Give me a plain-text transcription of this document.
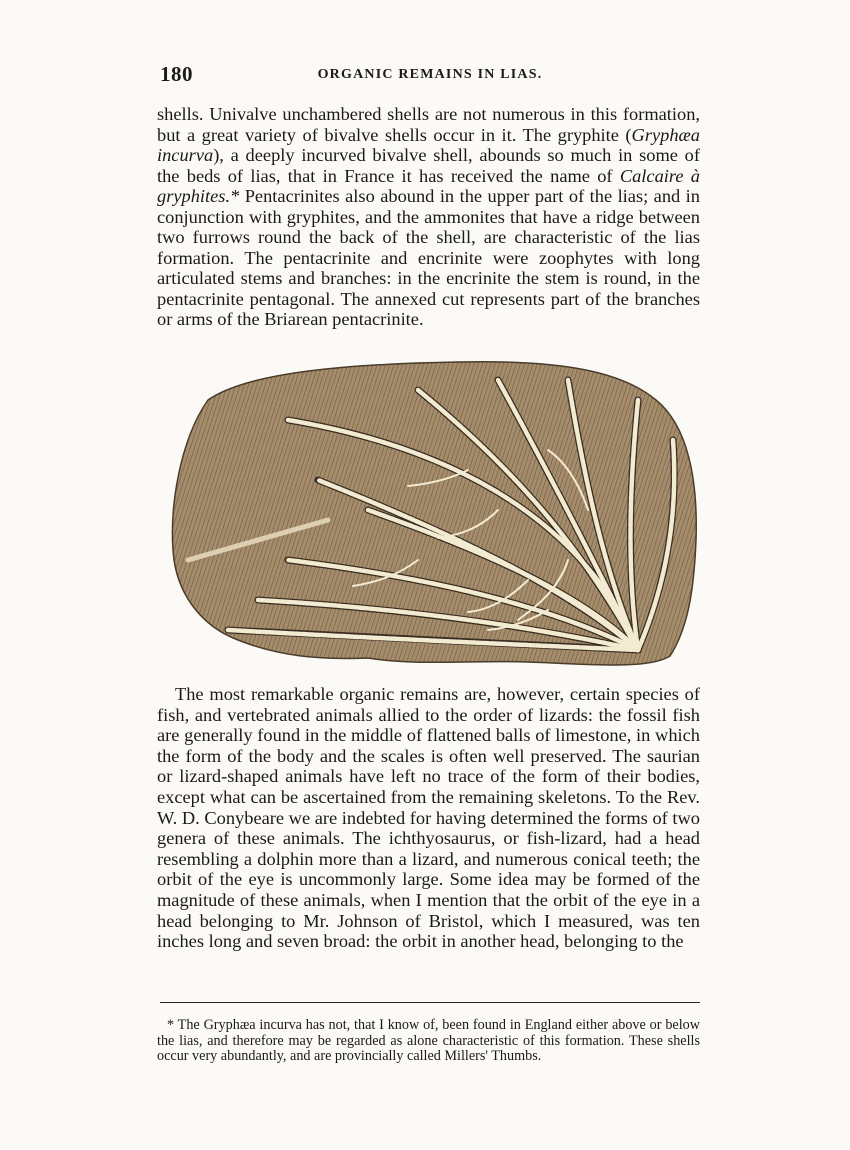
180	ORGANIC REMAINS IN LIAS.

shells. Univalve unchambered shells are not numerous in this formation, but a great variety of bivalve shells occur in it. The gryphite (Gryphæa incurva), a deeply incurved bivalve shell, abounds so much in some of the beds of lias, that in France it has received the name of Calcaire à gryphites.* Pentacrinites also abound in the upper part of the lias; and in conjunction with gryphites, and the ammonites that have a ridge between two furrows round the back of the shell, are characteristic of the lias formation. The pentacrinite and encrinite were zoophytes with long articulated stems and branches: in the encrinite the stem is round, in the pentacrinite pentagonal. The annexed cut represents part of the branches or arms of the Briarean pentacrinite.

The most remarkable organic remains are, however, certain species of fish, and vertebrated animals allied to the order of lizards: the fossil fish are generally found in the middle of flattened balls of limestone, in which the form of the body and the scales is often well preserved. The saurian or lizard-shaped animals have left no trace of the form of their bodies, except what can be ascertained from the remaining skeletons. To the Rev. W. D. Conybeare we are indebted for having determined the forms of two genera of these animals. The ichthyosaurus, or fish-lizard, had a head resembling a dolphin more than a lizard, and numerous conical teeth; the orbit of the eye is uncommonly large. Some idea may be formed of the magnitude of these animals, when I mention that the orbit of the eye in a head belonging to Mr. Johnson of Bristol, which I measured, was ten inches long and seven broad: the orbit in another head, belonging to the

* The Gryphæa incurva has not, that I know of, been found in England either above or below the lias, and therefore may be regarded as alone characteristic of this formation. These shells occur very abundantly, and are provincially called Millers' Thumbs.
